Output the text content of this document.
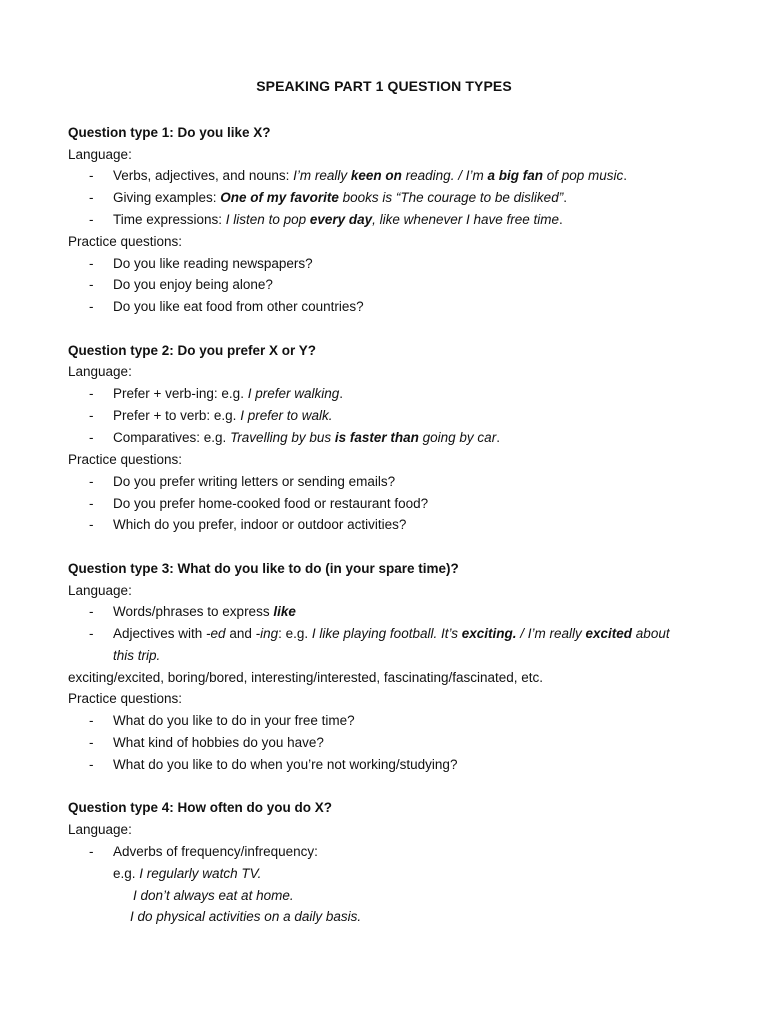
SPEAKING PART 1 QUESTION TYPES
Question type 1: Do you like X?
Language:
- Verbs, adjectives, and nouns: I’m really keen on reading. / I’m a big fan of pop music.
- Giving examples: One of my favorite books is “The courage to be disliked”.
- Time expressions: I listen to pop every day, like whenever I have free time.
Practice questions:
- Do you like reading newspapers?
- Do you enjoy being alone?
- Do you like eat food from other countries?
Question type 2: Do you prefer X or Y?
Language:
- Prefer + verb-ing: e.g. I prefer walking.
- Prefer + to verb: e.g. I prefer to walk.
- Comparatives: e.g. Travelling by bus is faster than going by car.
Practice questions:
- Do you prefer writing letters or sending emails?
- Do you prefer home-cooked food or restaurant food?
- Which do you prefer, indoor or outdoor activities?
Question type 3: What do you like to do (in your spare time)?
Language:
- Words/phrases to express like
- Adjectives with -ed and -ing: e.g. I like playing football. It’s exciting. / I’m really excited about
this trip.
exciting/excited, boring/bored, interesting/interested, fascinating/fascinated, etc.
Practice questions:
- What do you like to do in your free time?
- What kind of hobbies do you have?
- What do you like to do when you’re not working/studying?
Question type 4: How often do you do X?
Language:
- Adverbs of frequency/infrequency:
e.g. I regularly watch TV.
I don’t always eat at home.
I do physical activities on a daily basis.
